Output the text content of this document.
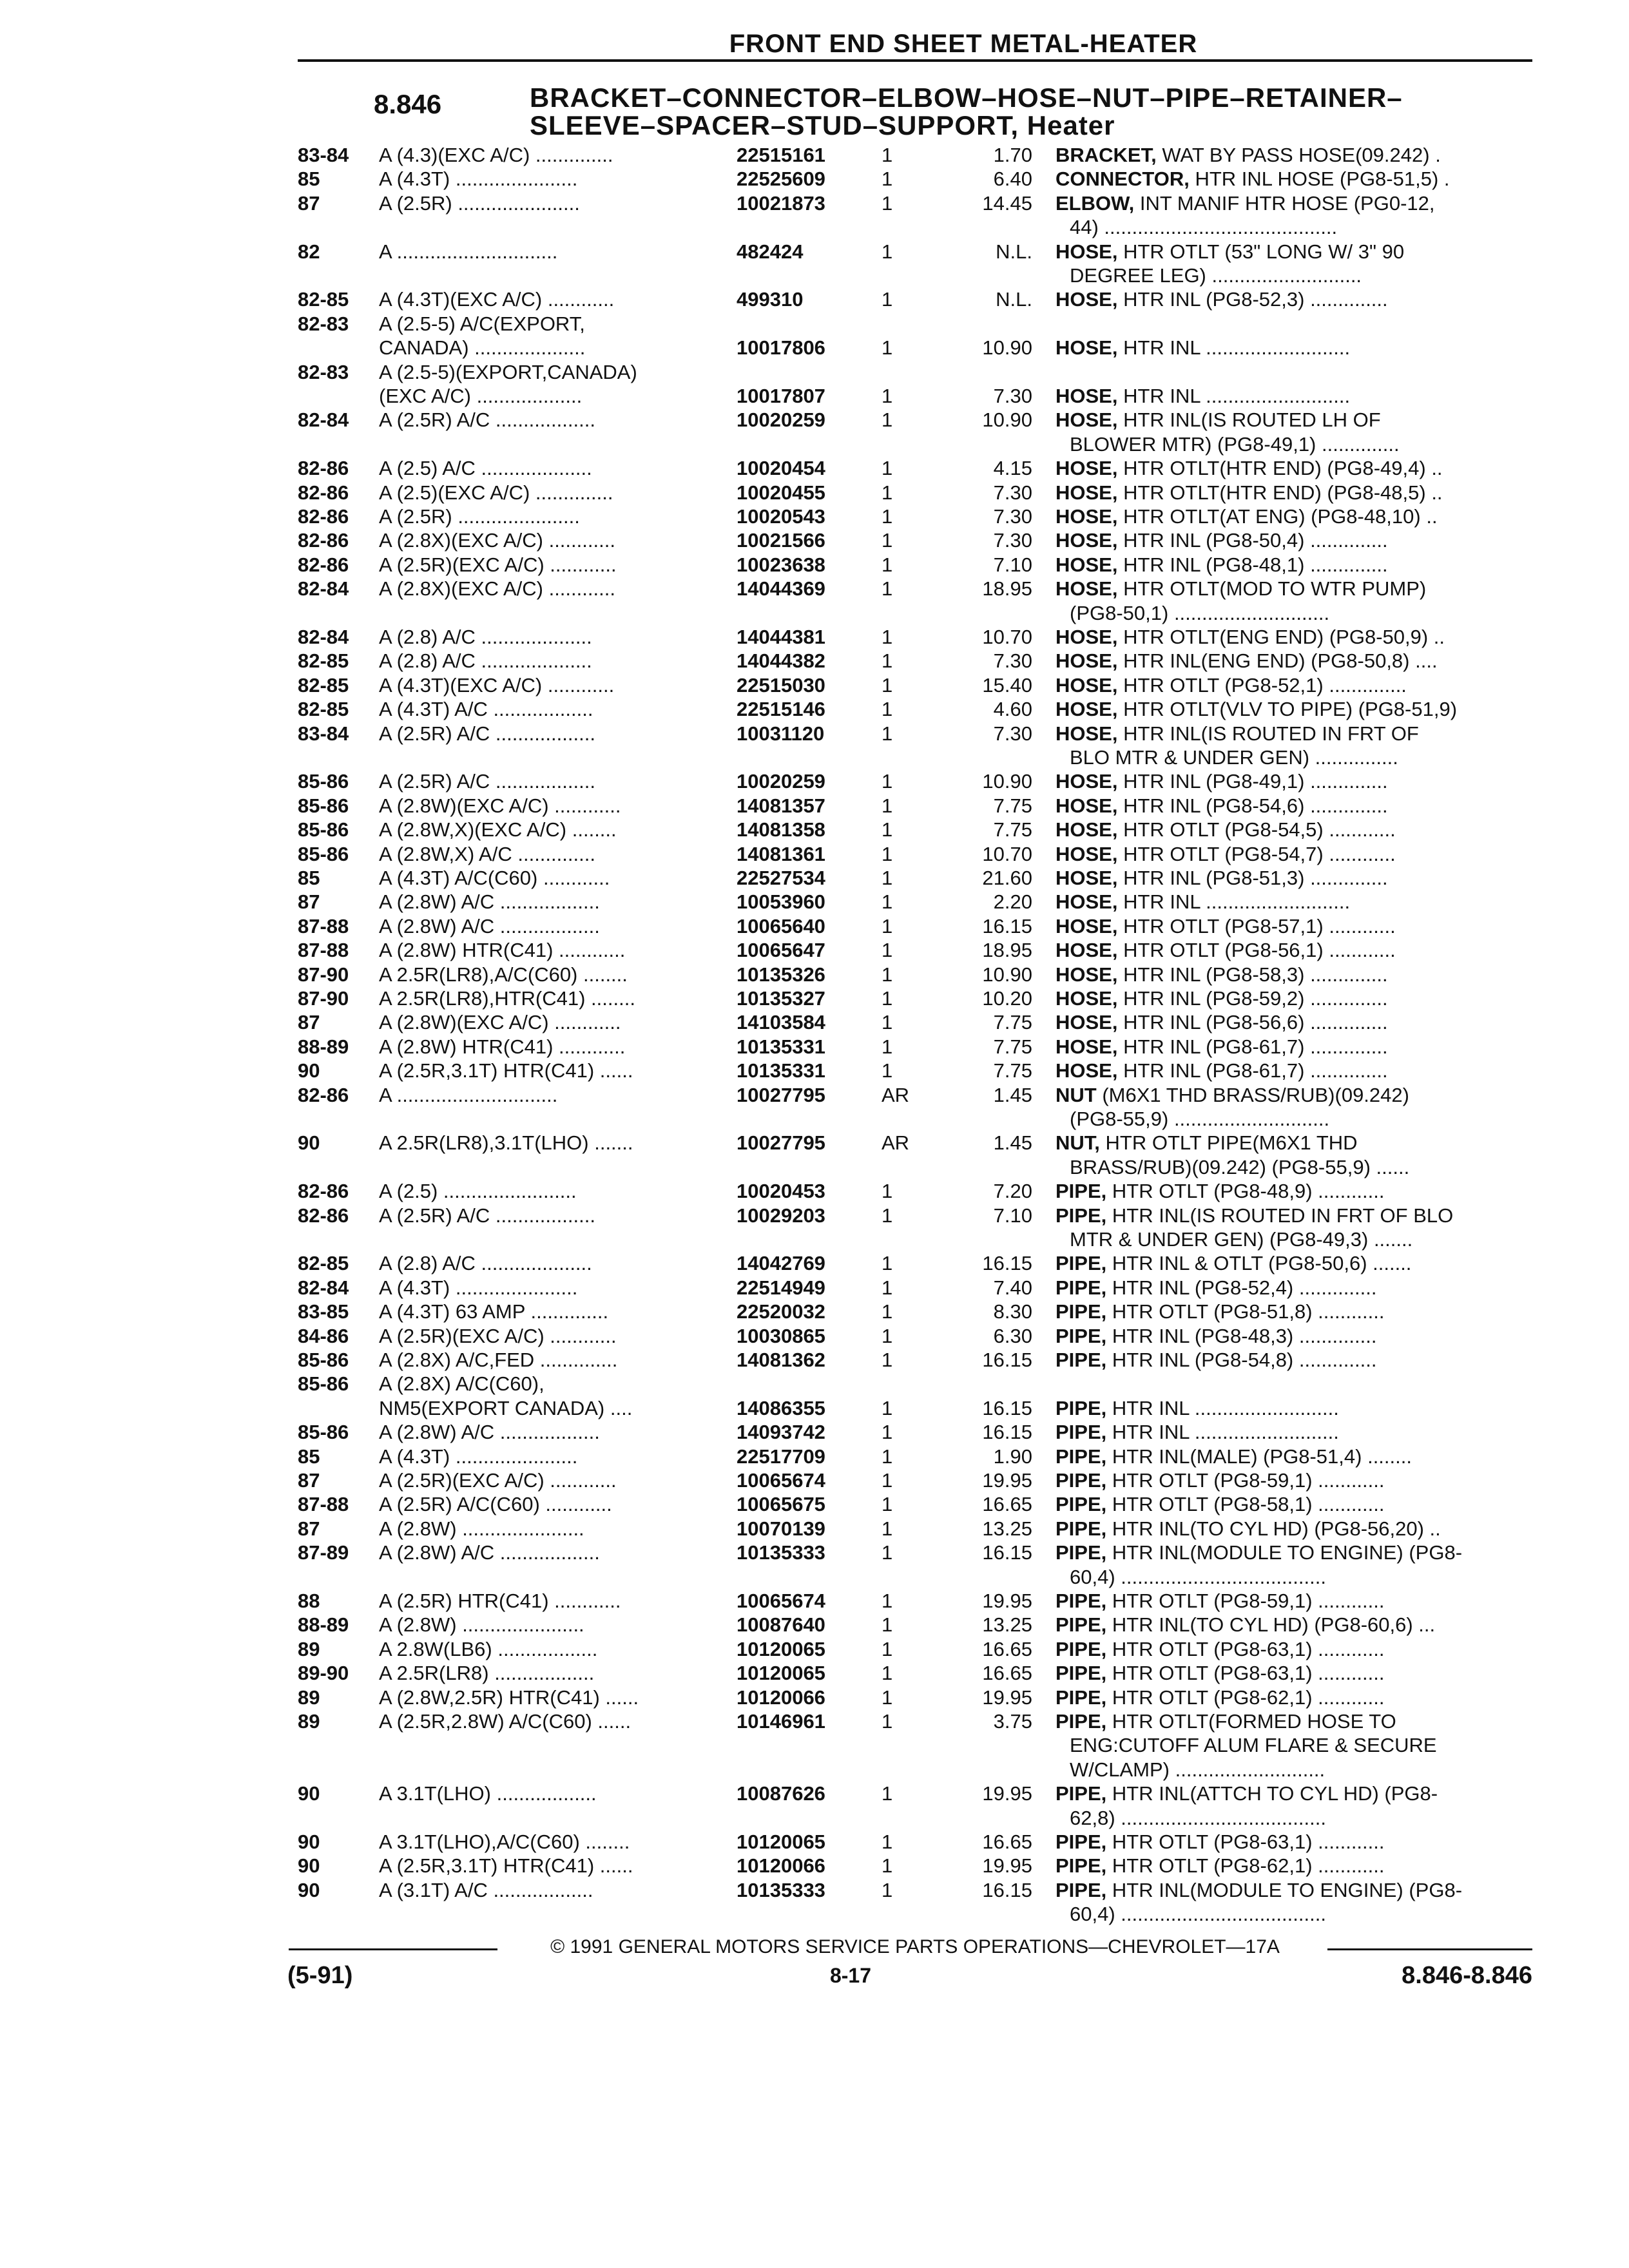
FRONT END SHEET METAL-HEATER
8.846	BRACKET–CONNECTOR–ELBOW–HOSE–NUT–PIPE–RETAINER–
SLEEVE–SPACER–STUD–SUPPORT, Heater
83-84	A (4.3)(EXC A/C) ..............	22515161	1	1.70 BRACKET, WAT BY PASS HOSE(09.242) .
85	A (4.3T) ......................	22525609	1	6.40 CONNECTOR, HTR INL HOSE (PG8-51,5) .
87	A (2.5R) ......................	10021873	1	14.45 ELBOW, INT MANIF HTR HOSE (PG0-12,
44) ..........................................
82	A .............................	482424	1	N.L. HOSE, HTR OTLT (53" LONG W/ 3" 90
DEGREE LEG) ...........................
82-85	A (4.3T)(EXC A/C) ............	499310	1	N.L. HOSE, HTR INL (PG8-52,3) ..............
82-83	A (2.5-5) A/C(EXPORT,
CANADA) ....................	10017806	1	10.90 HOSE, HTR INL ..........................
82-83	A (2.5-5)(EXPORT,CANADA)
(EXC A/C) ...................	10017807	1	7.30 HOSE, HTR INL ..........................
82-84	A (2.5R) A/C ..................	10020259	1	10.90 HOSE, HTR INL(IS ROUTED LH OF
BLOWER MTR) (PG8-49,1) ..............
82-86	A (2.5) A/C ....................	10020454	1	4.15 HOSE, HTR OTLT(HTR END) (PG8-49,4) ..
82-86	A (2.5)(EXC A/C) ..............	10020455	1	7.30 HOSE, HTR OTLT(HTR END) (PG8-48,5) ..
82-86	A (2.5R) ......................	10020543	1	7.30 HOSE, HTR OTLT(AT ENG) (PG8-48,10) ..
82-86	A (2.8X)(EXC A/C) ............	10021566	1	7.30 HOSE, HTR INL (PG8-50,4) ..............
82-86	A (2.5R)(EXC A/C) ............	10023638	1	7.10 HOSE, HTR INL (PG8-48,1) ..............
82-84	A (2.8X)(EXC A/C) ............	14044369	1	18.95 HOSE, HTR OTLT(MOD TO WTR PUMP)
(PG8-50,1) ............................
82-84	A (2.8) A/C ....................	14044381	1	10.70 HOSE, HTR OTLT(ENG END) (PG8-50,9) ..
82-85	A (2.8) A/C ....................	14044382	1	7.30 HOSE, HTR INL(ENG END) (PG8-50,8) ....
82-85	A (4.3T)(EXC A/C) ............	22515030	1	15.40 HOSE, HTR OTLT (PG8-52,1) ..............
82-85	A (4.3T) A/C ..................	22515146	1	4.60 HOSE, HTR OTLT(VLV TO PIPE) (PG8-51,9)
83-84	A (2.5R) A/C ..................	10031120	1	7.30 HOSE, HTR INL(IS ROUTED IN FRT OF
BLO MTR & UNDER GEN) ...............
85-86	A (2.5R) A/C ..................	10020259	1	10.90 HOSE, HTR INL (PG8-49,1) ..............
85-86	A (2.8W)(EXC A/C) ............	14081357	1	7.75 HOSE, HTR INL (PG8-54,6) ..............
85-86	A (2.8W,X)(EXC A/C) ........	14081358	1	7.75 HOSE, HTR OTLT (PG8-54,5) ............
85-86	A (2.8W,X) A/C ..............	14081361	1	10.70 HOSE, HTR OTLT (PG8-54,7) ............
85	A (4.3T) A/C(C60) ............	22527534	1	21.60 HOSE, HTR INL (PG8-51,3) ..............
87	A (2.8W) A/C ..................	10053960	1	2.20 HOSE, HTR INL ..........................
87-88	A (2.8W) A/C ..................	10065640	1	16.15 HOSE, HTR OTLT (PG8-57,1) ............
87-88	A (2.8W) HTR(C41) ............	10065647	1	18.95 HOSE, HTR OTLT (PG8-56,1) ............
87-90	A 2.5R(LR8),A/C(C60) ........	10135326	1	10.90 HOSE, HTR INL (PG8-58,3) ..............
87-90	A 2.5R(LR8),HTR(C41) ........	10135327	1	10.20 HOSE, HTR INL (PG8-59,2) ..............
87	A (2.8W)(EXC A/C) ............	14103584	1	7.75 HOSE, HTR INL (PG8-56,6) ..............
88-89	A (2.8W) HTR(C41) ............	10135331	1	7.75 HOSE, HTR INL (PG8-61,7) ..............
90	A (2.5R,3.1T) HTR(C41) ......	10135331	1	7.75 HOSE, HTR INL (PG8-61,7) ..............
82-86	A .............................	10027795	AR	1.45 NUT (M6X1 THD BRASS/RUB)(09.242)
(PG8-55,9) ............................
90	A 2.5R(LR8),3.1T(LHO) .......	10027795	AR	1.45 NUT, HTR OTLT PIPE(M6X1 THD
BRASS/RUB)(09.242) (PG8-55,9) ......
82-86	A (2.5) ........................	10020453	1	7.20 PIPE, HTR OTLT (PG8-48,9) ............
82-86	A (2.5R) A/C ..................	10029203	1	7.10 PIPE, HTR INL(IS ROUTED IN FRT OF BLO
MTR & UNDER GEN) (PG8-49,3) .......
82-85	A (2.8) A/C ....................	14042769	1	16.15 PIPE, HTR INL & OTLT (PG8-50,6) .......
82-84	A (4.3T) ......................	22514949	1	7.40 PIPE, HTR INL (PG8-52,4) ..............
83-85	A (4.3T) 63 AMP ..............	22520032	1	8.30 PIPE, HTR OTLT (PG8-51,8) ............
84-86	A (2.5R)(EXC A/C) ............	10030865	1	6.30 PIPE, HTR INL (PG8-48,3) ..............
85-86	A (2.8X) A/C,FED ..............	14081362	1	16.15 PIPE, HTR INL (PG8-54,8) ..............
85-86	A (2.8X) A/C(C60),
NM5(EXPORT CANADA) ....	14086355	1	16.15 PIPE, HTR INL ..........................
85-86	A (2.8W) A/C ..................	14093742	1	16.15 PIPE, HTR INL ..........................
85	A (4.3T) ......................	22517709	1	1.90 PIPE, HTR INL(MALE) (PG8-51,4) ........
87	A (2.5R)(EXC A/C) ............	10065674	1	19.95 PIPE, HTR OTLT (PG8-59,1) ............
87-88	A (2.5R) A/C(C60) ............	10065675	1	16.65 PIPE, HTR OTLT (PG8-58,1) ............
87	A (2.8W) ......................	10070139	1	13.25 PIPE, HTR INL(TO CYL HD) (PG8-56,20) ..
87-89	A (2.8W) A/C ..................	10135333	1	16.15 PIPE, HTR INL(MODULE TO ENGINE) (PG8-
60,4) .....................................
88	A (2.5R) HTR(C41) ............	10065674	1	19.95 PIPE, HTR OTLT (PG8-59,1) ............
88-89	A (2.8W) ......................	10087640	1	13.25 PIPE, HTR INL(TO CYL HD) (PG8-60,6) ...
89	A 2.8W(LB6) ..................	10120065	1	16.65 PIPE, HTR OTLT (PG8-63,1) ............
89-90	A 2.5R(LR8) ..................	10120065	1	16.65 PIPE, HTR OTLT (PG8-63,1) ............
89	A (2.8W,2.5R) HTR(C41) ......	10120066	1	19.95 PIPE, HTR OTLT (PG8-62,1) ............
89	A (2.5R,2.8W) A/C(C60) ......	10146961	1	3.75 PIPE, HTR OTLT(FORMED HOSE TO
ENG:CUTOFF ALUM FLARE & SECURE
W/CLAMP) ...........................
90	A 3.1T(LHO) ..................	10087626	1	19.95 PIPE, HTR INL(ATTCH TO CYL HD) (PG8-
62,8) .....................................
90	A 3.1T(LHO),A/C(C60) ........	10120065	1	16.65 PIPE, HTR OTLT (PG8-63,1) ............
90	A (2.5R,3.1T) HTR(C41) ......	10120066	1	19.95 PIPE, HTR OTLT (PG8-62,1) ............
90	A (3.1T) A/C ..................	10135333	1	16.15 PIPE, HTR INL(MODULE TO ENGINE) (PG8-
60,4) .....................................
© 1991 GENERAL MOTORS SERVICE PARTS OPERATIONS—CHEVROLET—17A
(5-91)	8-17	8.846-8.846
